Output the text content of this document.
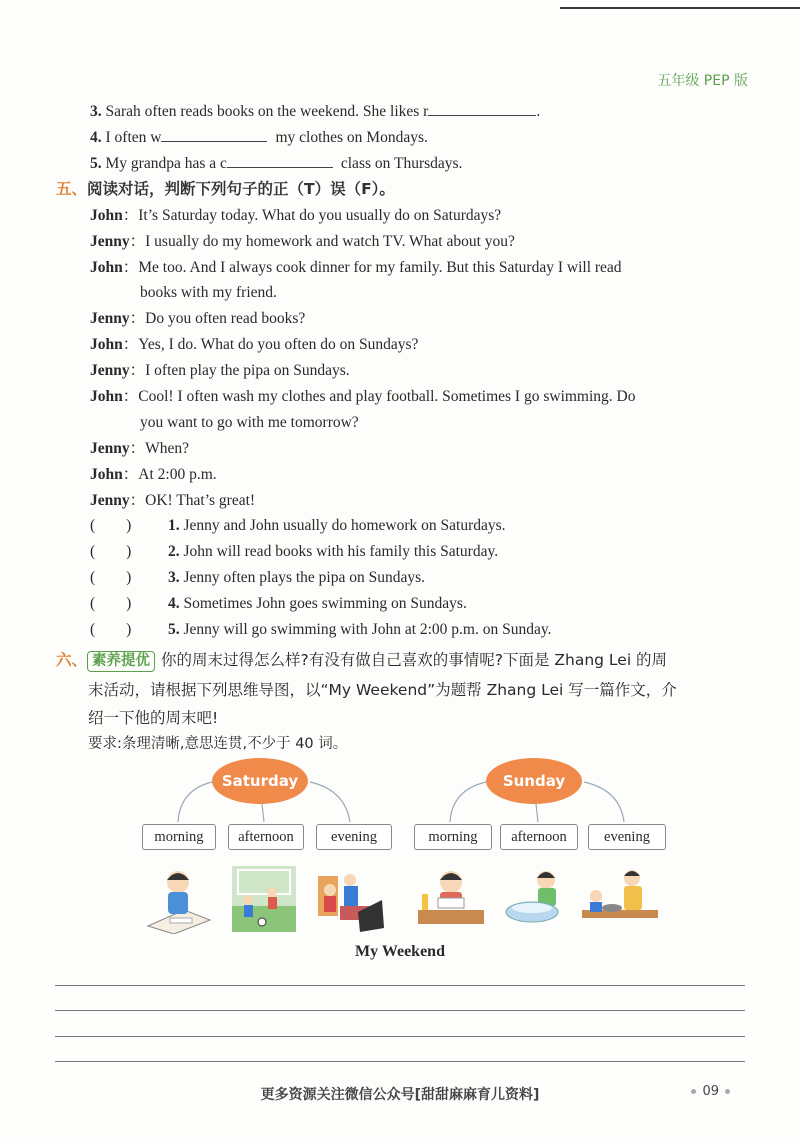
五年级 PEP 版
3. Sarah often reads books on the weekend. She likes r	.
4. I often w	my clothes on Mondays.
5. My grandpa has a c	class on Thursdays.
五、阅读对话，判断下列句子的正（T）误（F）。
John：It’s Saturday today. What do you usually do on Saturdays?
Jenny：I usually do my homework and watch TV. What about you?
John：Me too. And I always cook dinner for my family. But this Saturday I will read
books with my friend.
Jenny：Do you often read books?
John：Yes, I do. What do you often do on Sundays?
Jenny：I often play the pipa on Sundays.
John：Cool! I often wash my clothes and play football. Sometimes I go swimming. Do
you want to go with me tomorrow?
Jenny：When?
John：At 2:00 p.m.
Jenny：OK! That’s great!
(        ) 1. Jenny and John usually do homework on Saturdays.
(        ) 2. John will read books with his family this Saturday.
(        ) 3. Jenny often plays the pipa on Sundays.
(        ) 4. Sometimes John goes swimming on Sundays.
(        ) 5. Jenny will go swimming with John at 2:00 p.m. on Sunday.
六、 素养提优 你的周末过得怎么样?有没有做自己喜欢的事情呢?下面是 Zhang Lei 的周
末活动，请根据下列思维导图，以“My Weekend”为题帮 Zhang Lei 写一篇作文，介
绍一下他的周末吧!
要求:条理清晰,意思连贯,不少于 40 词。
Saturday	Sunday
morning	afternoon	evening	morning	afternoon	evening
My Weekend
更多资源关注微信公众号[甜甜麻麻育儿资料]	09
